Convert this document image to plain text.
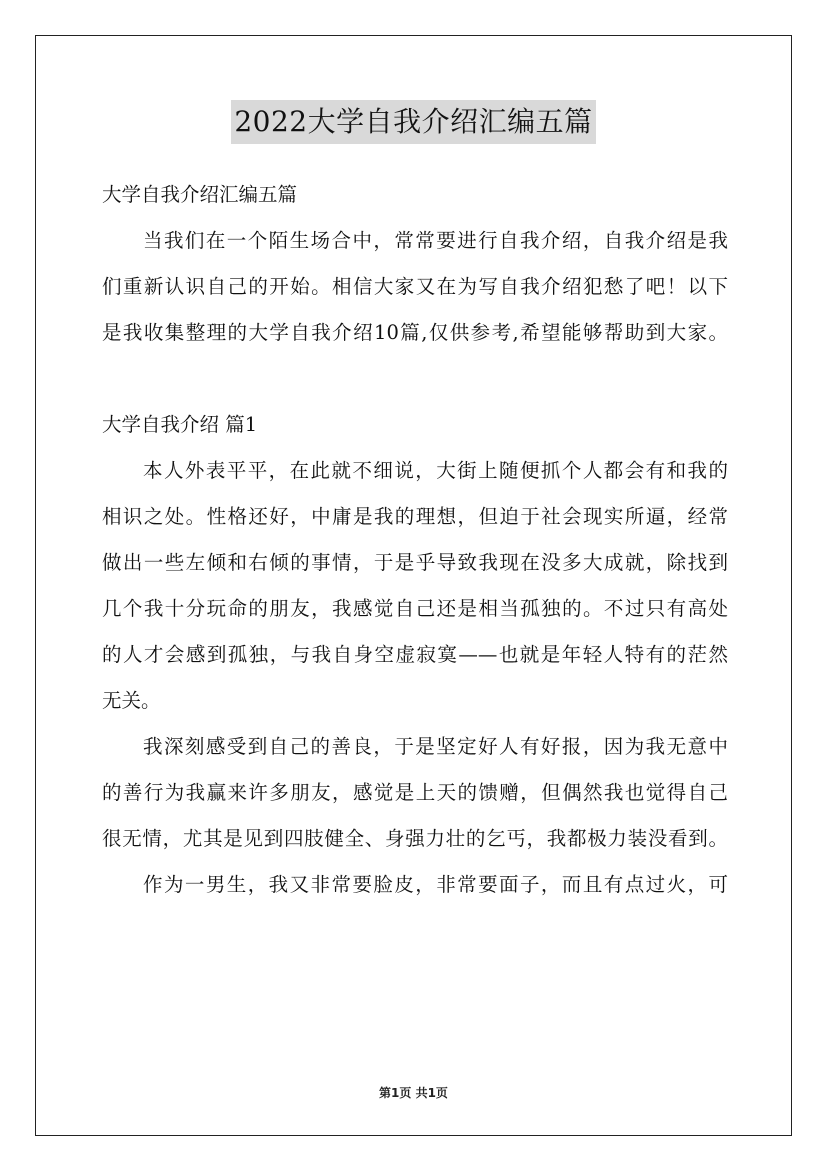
2022大学自我介绍汇编五篇
大学自我介绍汇编五篇
当我们在一个陌生场合中，常常要进行自我介绍，自我介绍是我
们重新认识自己的开始。相信大家又在为写自我介绍犯愁了吧！以下
是我收集整理的大学自我介绍10篇,仅供参考,希望能够帮助到大家。
大学自我介绍 篇1
本人外表平平，在此就不细说，大街上随便抓个人都会有和我的
相识之处。性格还好，中庸是我的理想，但迫于社会现实所逼，经常
做出一些左倾和右倾的事情，于是乎导致我现在没多大成就，除找到
几个我十分玩命的朋友，我感觉自己还是相当孤独的。不过只有高处
的人才会感到孤独，与我自身空虚寂寞——也就是年轻人特有的茫然
无关。
我深刻感受到自己的善良，于是坚定好人有好报，因为我无意中
的善行为我赢来许多朋友，感觉是上天的馈赠，但偶然我也觉得自己
很无情，尤其是见到四肢健全、身强力壮的乞丐，我都极力装没看到。
作为一男生，我又非常要脸皮，非常要面子，而且有点过火，可
第1页 共1页
